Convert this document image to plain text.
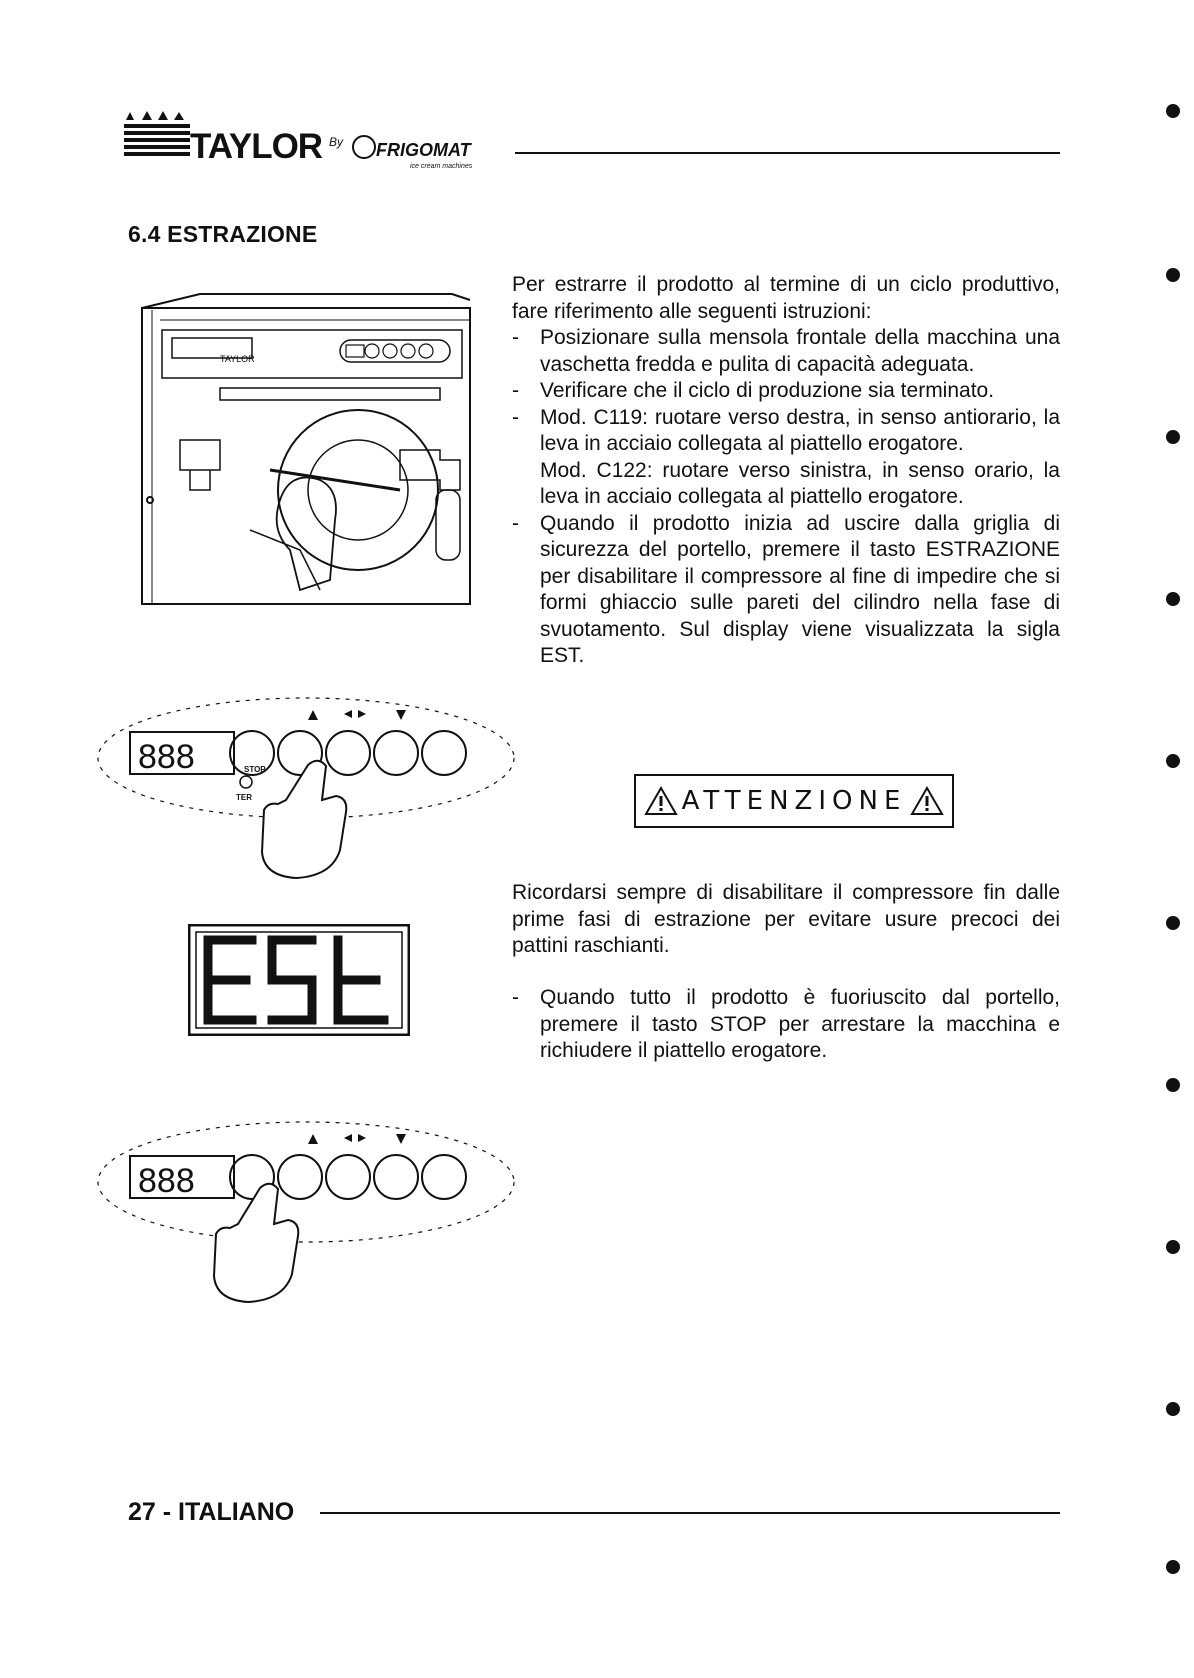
TAYLOR By FRIGOMAT
ice cream machines
6.4 ESTRAZIONE
TAYLOR
888	STOP
TER
ESt
888

Per estrarre il prodotto al termine di un ciclo produttivo, fare riferimento alle seguenti istruzioni:

- Posizionare sulla mensola frontale della macchina una vaschetta fredda e pulita di capacità adeguata.

- Verificare che il ciclo di produzione sia terminato.

- Mod. C119: ruotare verso destra, in senso antiorario, la leva in acciaio collegata al piattello erogatore.

Mod. C122: ruotare verso sinistra, in senso orario, la leva in acciaio collegata al piattello erogatore.

- Quando il prodotto inizia ad uscire dalla griglia di sicurezza del portello, premere il tasto ESTRAZIONE per disabilitare il compressore al fine di impedire che si formi ghiaccio sulle pareti del cilindro nella fase di svuotamento. Sul display viene visualizzata la sigla EST.

ATTENZIONE

Ricordarsi sempre di disabilitare il compressore fin dalle prime fasi di estrazione per evitare usure precoci dei pattini raschianti.

- Quando tutto il prodotto è fuoriuscito dal portello, premere il tasto STOP per arrestare la macchina e richiudere il piattello erogatore.

27 - ITALIANO
